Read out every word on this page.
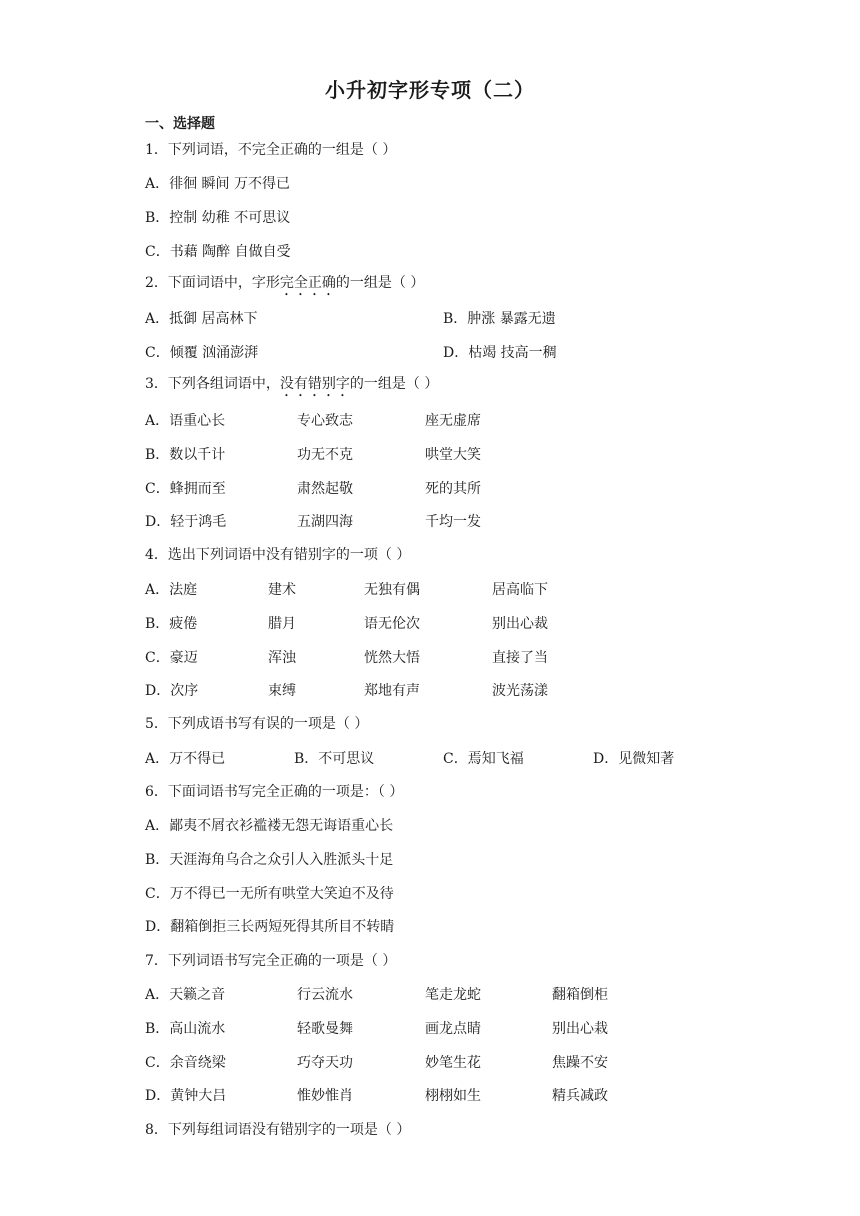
小升初字形专项（二）
一、选择题
1．下列词语，不完全正确的一组是（ ）
A．徘徊 瞬间 万不得已
B．控制 幼稚 不可思议
C．书藉 陶醉 自做自受
2．下面词语中，字形完全正确的一组是（ ）
A．抵御 居高林下	B．肿涨 暴露无遗
C．倾覆 汹涌澎湃	D．枯竭 技高一稠
3．下列各组词语中，没有错别字的一组是（ ）
A．语重心长	专心致志	座无虚席
B．数以千计	功无不克	哄堂大笑
C．蜂拥而至	肃然起敬	死的其所
D．轻于鸿毛	五湖四海	千均一发
4．选出下列词语中没有错别字的一项（ ）
A．法庭	建术	无独有偶	居高临下
B．疲倦	腊月	语无伦次	别出心裁
C．豪迈	浑浊	恍然大悟	直接了当
D．次序	束缚	郑地有声	波光荡漾
5．下列成语书写有误的一项是（ ）
A．万不得已	B．不可思议	C．焉知飞福	D．见微知著
6．下面词语书写完全正确的一项是：（ ）
A．鄙夷不屑衣衫褴褛无怨无诲语重心长
B．天涯海角乌合之众引人入胜派头十足
C．万不得已一无所有哄堂大笑迫不及待
D．翻箱倒拒三长两短死得其所目不转睛
7．下列词语书写完全正确的一项是（ ）
A．天籁之音	行云流水	笔走龙蛇	翻箱倒柜
B．高山流水	轻歌曼舞	画龙点睛	别出心栽
C．余音绕梁	巧夺天功	妙笔生花	焦躁不安
D．黄钟大吕	惟妙惟肖	栩栩如生	精兵减政
8．下列每组词语没有错别字的一项是（ ）
